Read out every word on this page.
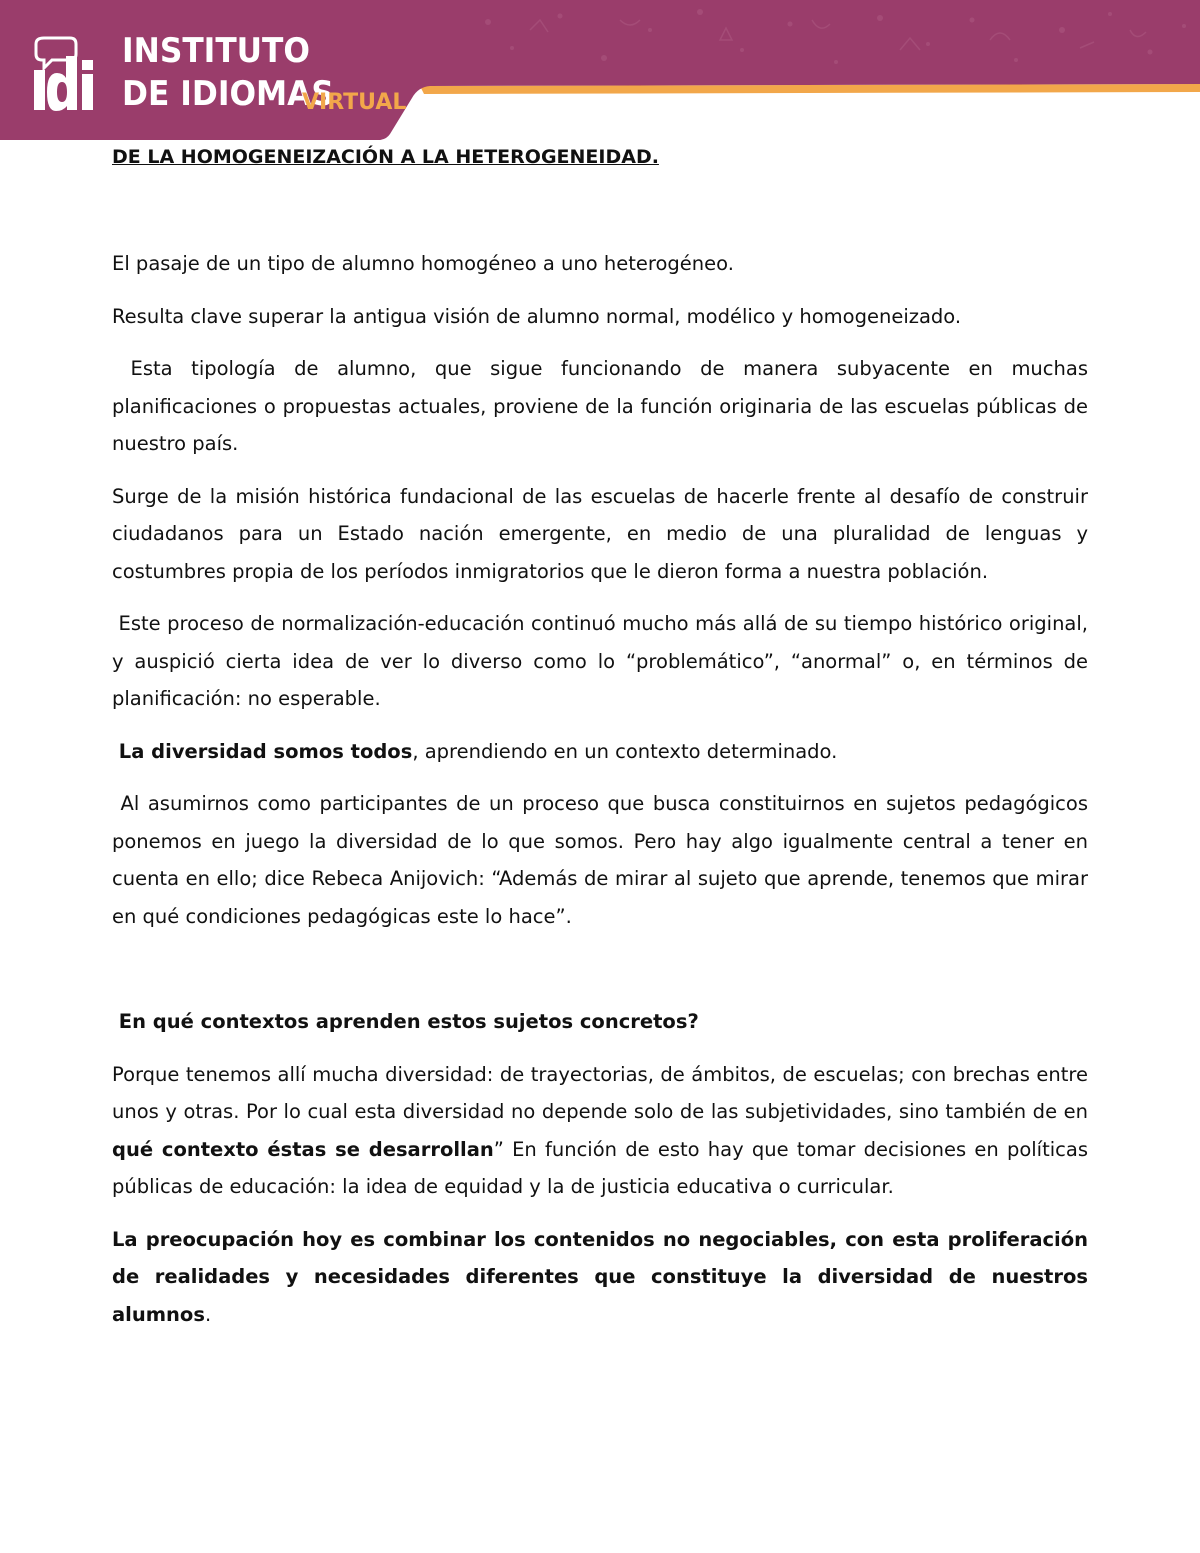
INSTITUTO
DE IDIOMAS
VIRTUAL
DE LA HOMOGENEIZACIÓN A LA HETEROGENEIDAD.

El pasaje de un tipo de alumno homogéneo a uno heterogéneo.

Resulta clave superar la antigua visión de alumno normal, modélico y homogeneizado.

Esta tipología de alumno, que sigue funcionando de manera subyacente en muchas planificaciones o propuestas actuales, proviene de la función originaria de las escuelas públicas de nuestro país.

Surge de la misión histórica fundacional de las escuelas de hacerle frente al desafío de construir ciudadanos para un Estado nación emergente, en medio de una pluralidad de lenguas y costumbres propia de los períodos inmigratorios que le dieron forma a nuestra población.

Este proceso de normalización-educación continuó mucho más allá de su tiempo histórico original, y auspició cierta idea de ver lo diverso como lo “problemático”, “anormal” o, en términos de planificación: no esperable.

La diversidad somos todos, aprendiendo en un contexto determinado.

Al asumirnos como participantes de un proceso que busca constituirnos en sujetos pedagógicos ponemos en juego la diversidad de lo que somos. Pero hay algo igualmente central a tener en cuenta en ello; dice Rebeca Anijovich: “Además de mirar al sujeto que aprende, tenemos que mirar en qué condiciones pedagógicas este lo hace”.

En qué contextos aprenden estos sujetos concretos?

Porque tenemos allí mucha diversidad: de trayectorias, de ámbitos, de escuelas; con brechas entre unos y otras. Por lo cual esta diversidad no depende solo de las subjetividades, sino también de en qué contexto éstas se desarrollan” En función de esto hay que tomar decisiones en políticas públicas de educación: la idea de equidad y la de justicia educativa o curricular.

La preocupación hoy es combinar los contenidos no negociables, con esta proliferación de realidades y necesidades diferentes que constituye la diversidad de nuestros alumnos.
